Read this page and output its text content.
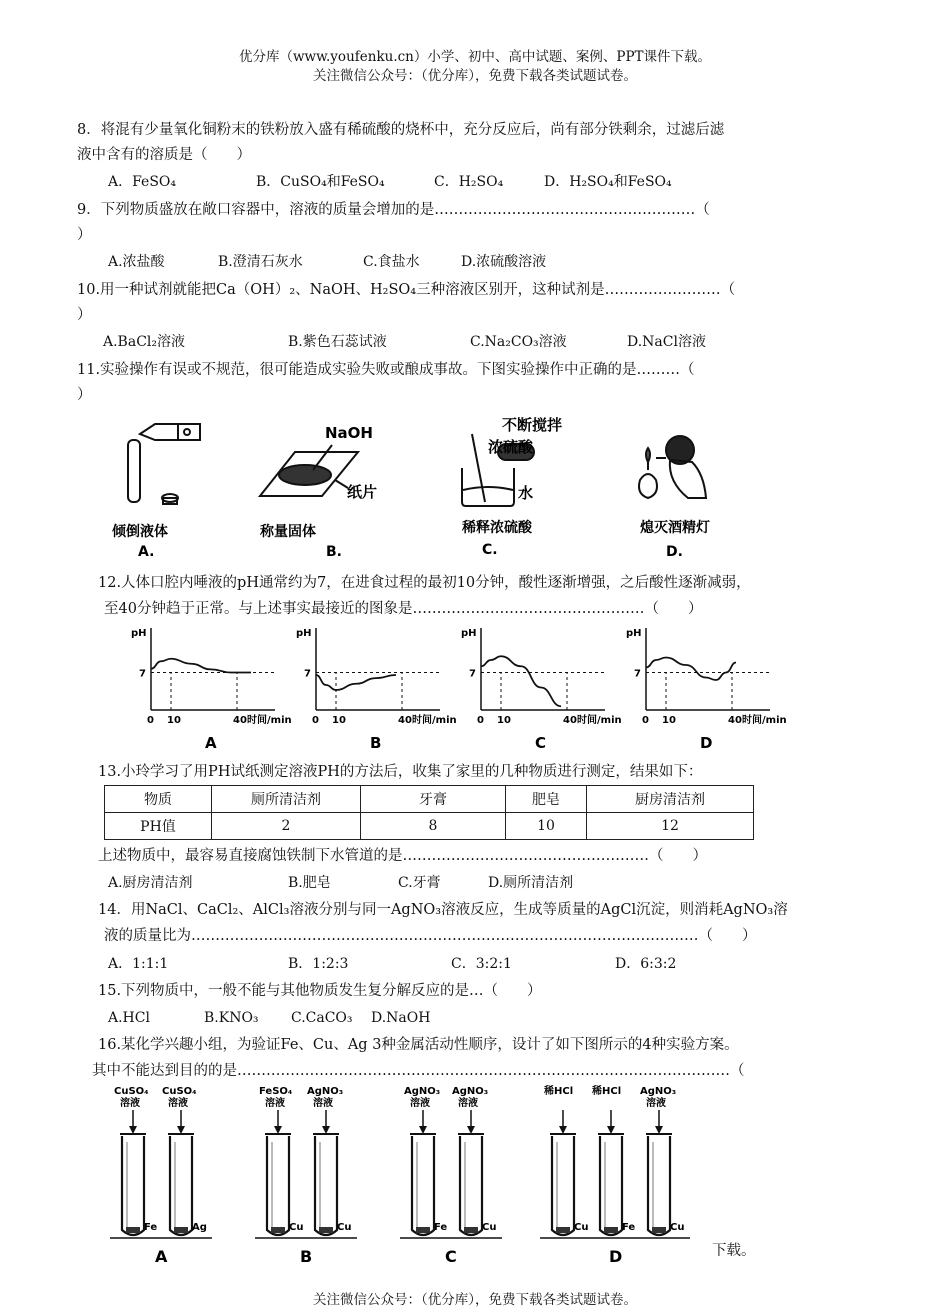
优分库（www.youfenku.cn）小学、初中、高中试题、案例、PPT课件下载。
关注微信公众号：（优分库），免费下载各类试题试卷。
8．将混有少量氧化铜粉末的铁粉放入盛有稀硫酸的烧杯中，充分反应后，尚有部分铁剩余，过滤后滤
液中含有的溶质是（　　）
A．FeSO₄	B．CuSO₄和FeSO₄	C．H₂SO₄	D．H₂SO₄和FeSO₄
9．下列物质盛放在敞口容器中，溶液的质量会增加的是………………………………………………（
）
A.浓盐酸	B.澄清石灰水	C.食盐水	D.浓硫酸溶液
10.用一种试剂就能把Ca（OH）₂、NaOH、H₂SO₄三种溶液区别开，这种试剂是……………………（
）
A.BaCl₂溶液	B.紫色石蕊试液	C.Na₂CO₃溶液	D.NaCl溶液
11.实验操作有误或不规范，很可能造成实验失败或酿成事故。下图实验操作中正确的是………（
）
NaOH
纸片
不断搅拌
浓硫酸
水
倾倒液体	称量固体	稀释浓硫酸	熄灭酒精灯
A.	B.	C.	D.
12.人体口腔内唾液的pH通常约为7，在进食过程的最初10分钟，酸性逐渐增强，之后酸性逐渐减弱，
至40分钟趋于正常。与上述事实最接近的图象是…………………………………………（　　）
pH
7
0 10	40 时间/min
A
pH
7
0 10	40 时间/min
B
pH
7
0 10	40 时间/min
C
pH
7
0 10	40 时间/min
D
13.小玲学习了用PH试纸测定溶液PH的方法后，收集了家里的几种物质进行测定，结果如下：
物质	厕所清洁剂	牙膏	肥皂	厨房清洁剂
PH值	2	8	10	12
上述物质中，最容易直接腐蚀铁制下水管道的是……………………………………………（　　）
A.厨房清洁剂	B.肥皂	C.牙膏	D.厕所清洁剂
14．用NaCl、CaCl₂、AlCl₃溶液分别与同一AgNO₃溶液反应，生成等质量的AgCl沉淀，则消耗AgNO₃溶
液的质量比为……………………………………………………………………………………………（　　）
A．1:1:1	B．1:2:3	C．3:2:1	D．6:3:2
15.下列物质中，一般不能与其他物质发生复分解反应的是…（　　）
A.HCl	B.KNO₃ C.CaCO₃ D.NaOH
16.某化学兴趣小组，为验证Fe、Cu、Ag 3种金属活动性顺序，设计了如下图所示的4种实验方案。
其中不能达到目的的是…………………………………………………………………………………………（
CuSO₄
溶液
Fe
CuSO₄
溶液
Ag
A
FeSO₄
溶液
Cu
AgNO₃
溶液
Cu
B
AgNO₃
溶液
Fe
AgNO₃
溶液
Cu
C
稀HCl
Cu
稀HCl
Fe
AgNO₃
溶液
Cu
D	下载。
关注微信公众号：（优分库），免费下载各类试题试卷。
